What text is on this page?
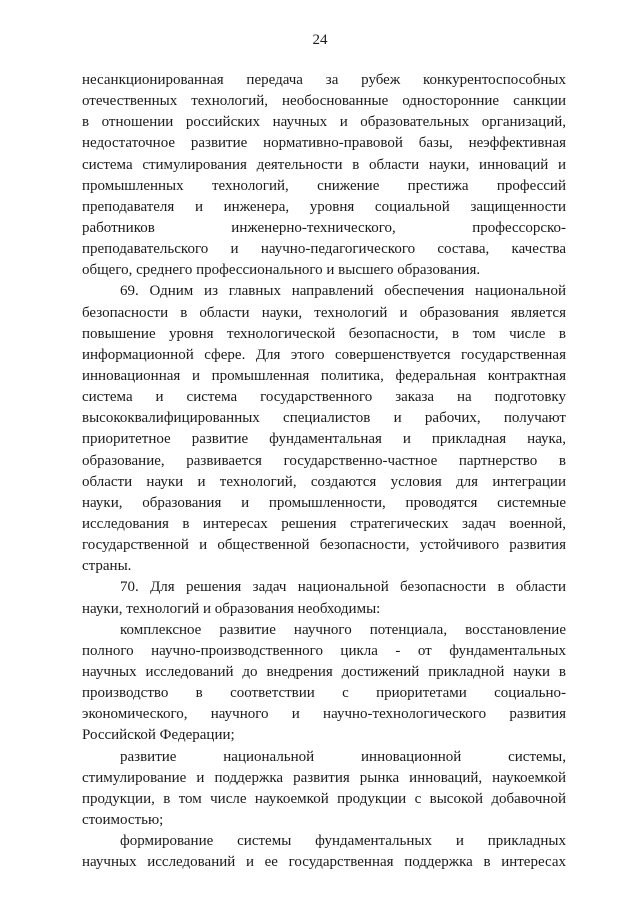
24

несанкционированная передача за рубеж конкурентоспособных
отечественных технологий, необоснованные односторонние санкции
в отношении российских научных и образовательных организаций,
недостаточное развитие нормативно-правовой базы, неэффективная
система стимулирования деятельности в области науки, инноваций и
промышленных технологий, снижение престижа профессий
преподавателя и инженера, уровня социальной защищенности
работников инженерно-технического, профессорско-
преподавательского и научно-педагогического состава, качества
общего, среднего профессионального и высшего образования.

69. Одним из главных направлений обеспечения национальной
безопасности в области науки, технологий и образования является
повышение уровня технологической безопасности, в том числе в
информационной сфере. Для этого совершенствуется государственная
инновационная и промышленная политика, федеральная контрактная
система и система государственного заказа на подготовку
высококвалифицированных специалистов и рабочих, получают
приоритетное развитие фундаментальная и прикладная наука,
образование, развивается государственно-частное партнерство в
области науки и технологий, создаются условия для интеграции
науки, образования и промышленности, проводятся системные
исследования в интересах решения стратегических задач военной,
государственной и общественной безопасности, устойчивого развития
страны.

70. Для решения задач национальной безопасности в области
науки, технологий и образования необходимы:

комплексное развитие научного потенциала, восстановление
полного научно-производственного цикла - от фундаментальных
научных исследований до внедрения достижений прикладной науки в
производство в соответствии с приоритетами социально-
экономического, научного и научно-технологического развития
Российской Федерации;

развитие национальной инновационной системы,
стимулирование и поддержка развития рынка инноваций, наукоемкой
продукции, в том числе наукоемкой продукции с высокой добавочной
стоимостью;

формирование системы фундаментальных и прикладных
научных исследований и ее государственная поддержка в интересах
